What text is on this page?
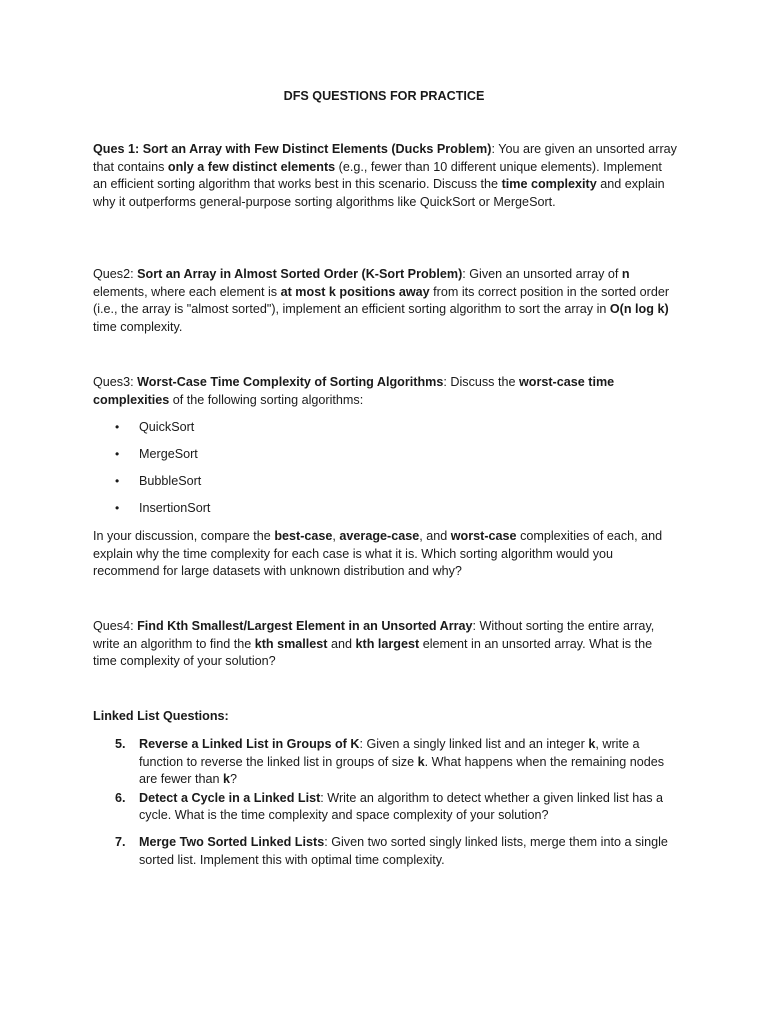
DFS QUESTIONS FOR PRACTICE

Ques 1: Sort an Array with Few Distinct Elements (Ducks Problem): You are given an unsorted array that contains only a few distinct elements (e.g., fewer than 10 different unique elements). Implement an efficient sorting algorithm that works best in this scenario. Discuss the time complexity and explain why it outperforms general-purpose sorting algorithms like QuickSort or MergeSort.

Ques2: Sort an Array in Almost Sorted Order (K-Sort Problem): Given an unsorted array of n elements, where each element is at most k positions away from its correct position in the sorted order (i.e., the array is "almost sorted"), implement an efficient sorting algorithm to sort the array in O(n log k) time complexity.

Ques3: Worst-Case Time Complexity of Sorting Algorithms: Discuss the worst-case time complexities of the following sorting algorithms:

• QuickSort
• MergeSort
• BubbleSort
• InsertionSort

In your discussion, compare the best-case, average-case, and worst-case complexities of each, and explain why the time complexity for each case is what it is. Which sorting algorithm would you recommend for large datasets with unknown distribution and why?

Ques4: Find Kth Smallest/Largest Element in an Unsorted Array: Without sorting the entire array, write an algorithm to find the kth smallest and kth largest element in an unsorted array. What is the time complexity of your solution?

Linked List Questions:

5. Reverse a Linked List in Groups of K: Given a singly linked list and an integer k, write a function to reverse the linked list in groups of size k. What happens when the remaining nodes are fewer than k?
6. Detect a Cycle in a Linked List: Write an algorithm to detect whether a given linked list has a cycle. What is the time complexity and space complexity of your solution?
7. Merge Two Sorted Linked Lists: Given two sorted singly linked lists, merge them into a single sorted list. Implement this with optimal time complexity.
